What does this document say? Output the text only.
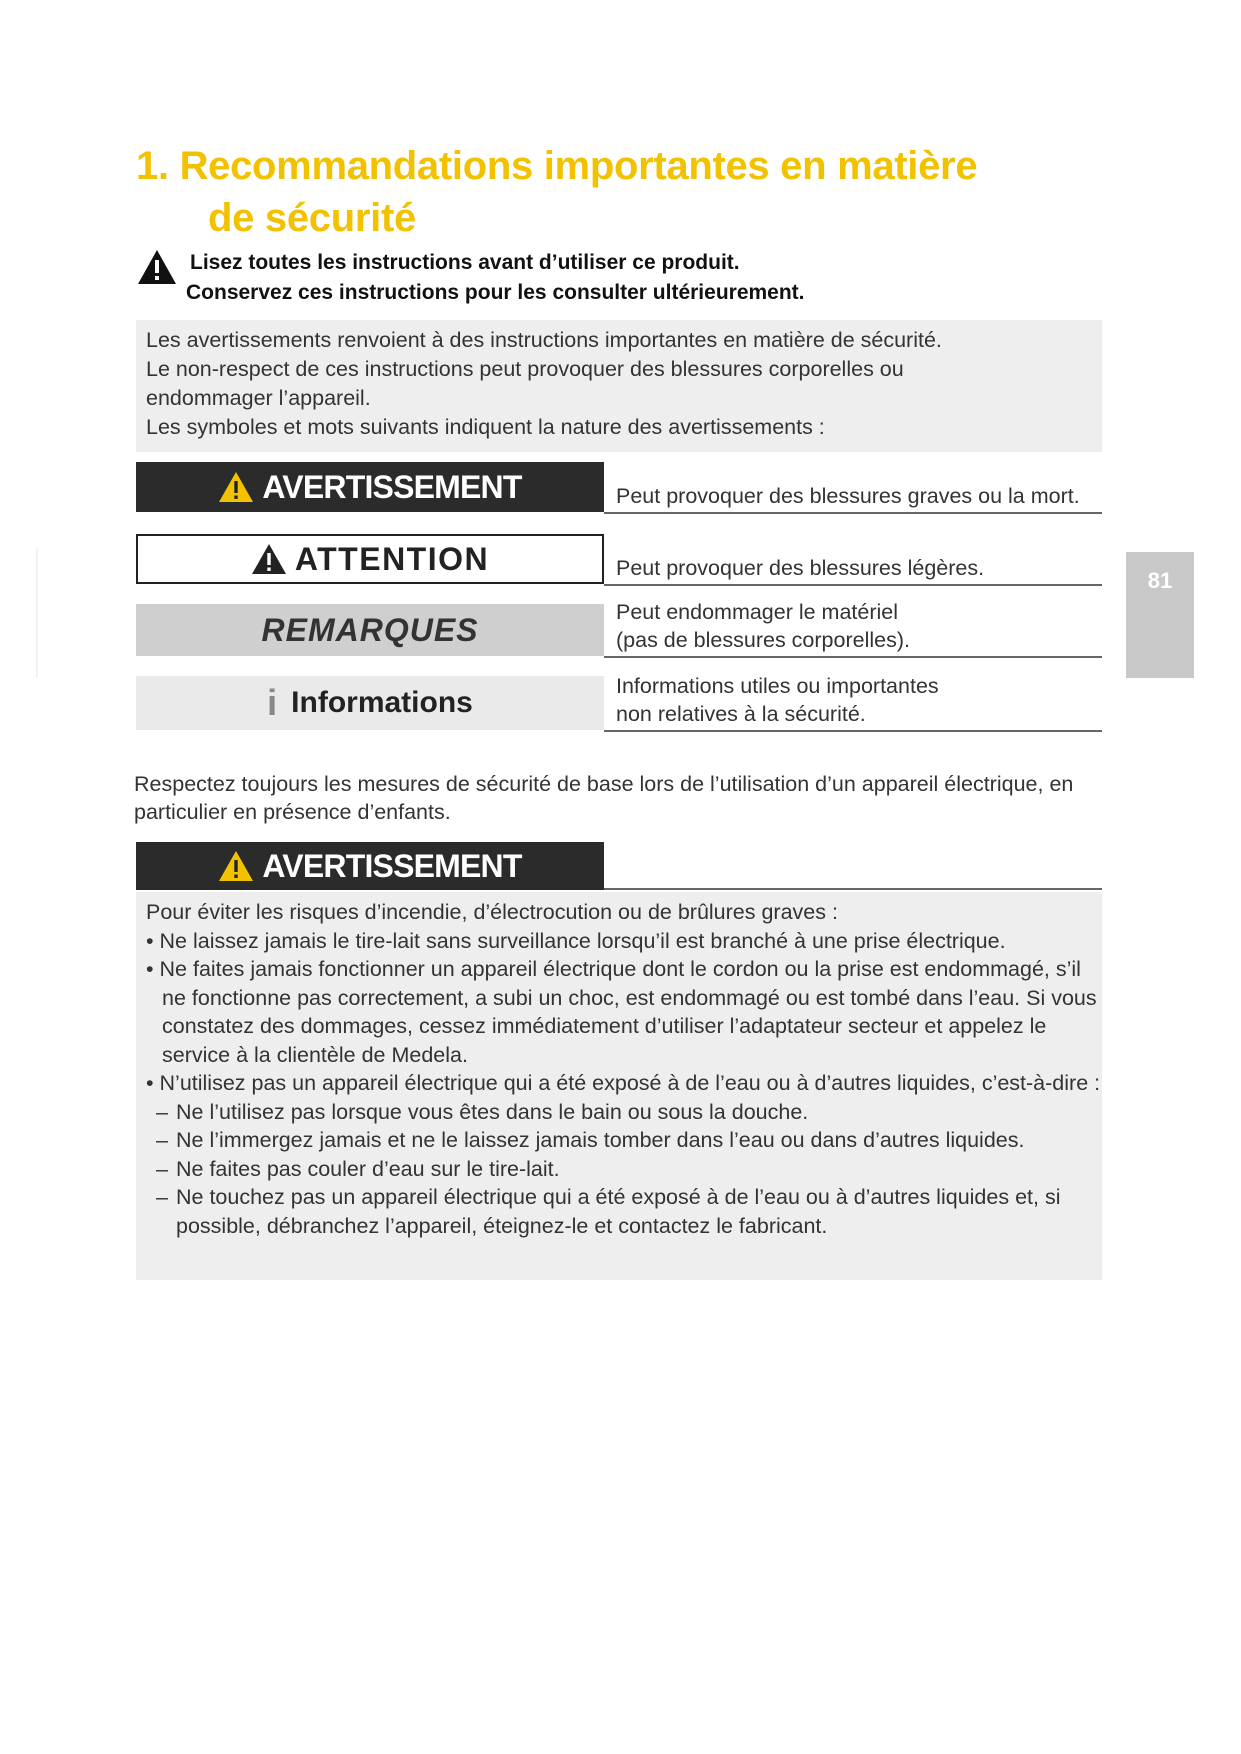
1. Recommandations importantes en matière
de sécurité

Lisez toutes les instructions avant d’utiliser ce produit.

Conservez ces instructions pour les consulter ultérieurement.

Les avertissements renvoient à des instructions importantes en matière de sécurité.

Le non-respect de ces instructions peut provoquer des blessures corporelles ou

endommager l’appareil.

Les symboles et mots suivants indiquent la nature des avertissements :

AVERTISSEMENT	Peut provoquer des blessures graves ou la mort.
ATTENTION	Peut provoquer des blessures légères.
REMARQUES	Peut endommager le matériel
(pas de blessures corporelles).
i Informations	Informations utiles ou importantes
non relatives à la sécurité.

Respectez toujours les mesures de sécurité de base lors de l’utilisation d’un appareil électrique, en particulier en présence d’enfants.

AVERTISSEMENT

Pour éviter les risques d’incendie, d’électrocution ou de brûlures graves :

• Ne laissez jamais le tire-lait sans surveillance lorsqu’il est branché à une prise électrique.

• Ne faites jamais fonctionner un appareil électrique dont le cordon ou la prise est endommagé, s’il ne fonctionne pas correctement, a subi un choc, est endommagé ou est tombé dans l’eau. Si vous constatez des dommages, cessez immédiatement d’utiliser l’adaptateur secteur et appelez le service à la clientèle de Medela.

• N’utilisez pas un appareil électrique qui a été exposé à de l’eau ou à d’autres liquides, c’est-à-dire :

– Ne l’utilisez pas lorsque vous êtes dans le bain ou sous la douche.

– Ne l’immergez jamais et ne le laissez jamais tomber dans l’eau ou dans d’autres liquides.

– Ne faites pas couler d’eau sur le tire-lait.

– Ne touchez pas un appareil électrique qui a été exposé à de l’eau ou à d’autres liquides et, si possible, débranchez l’appareil, éteignez-le et contactez le fabricant.

81
